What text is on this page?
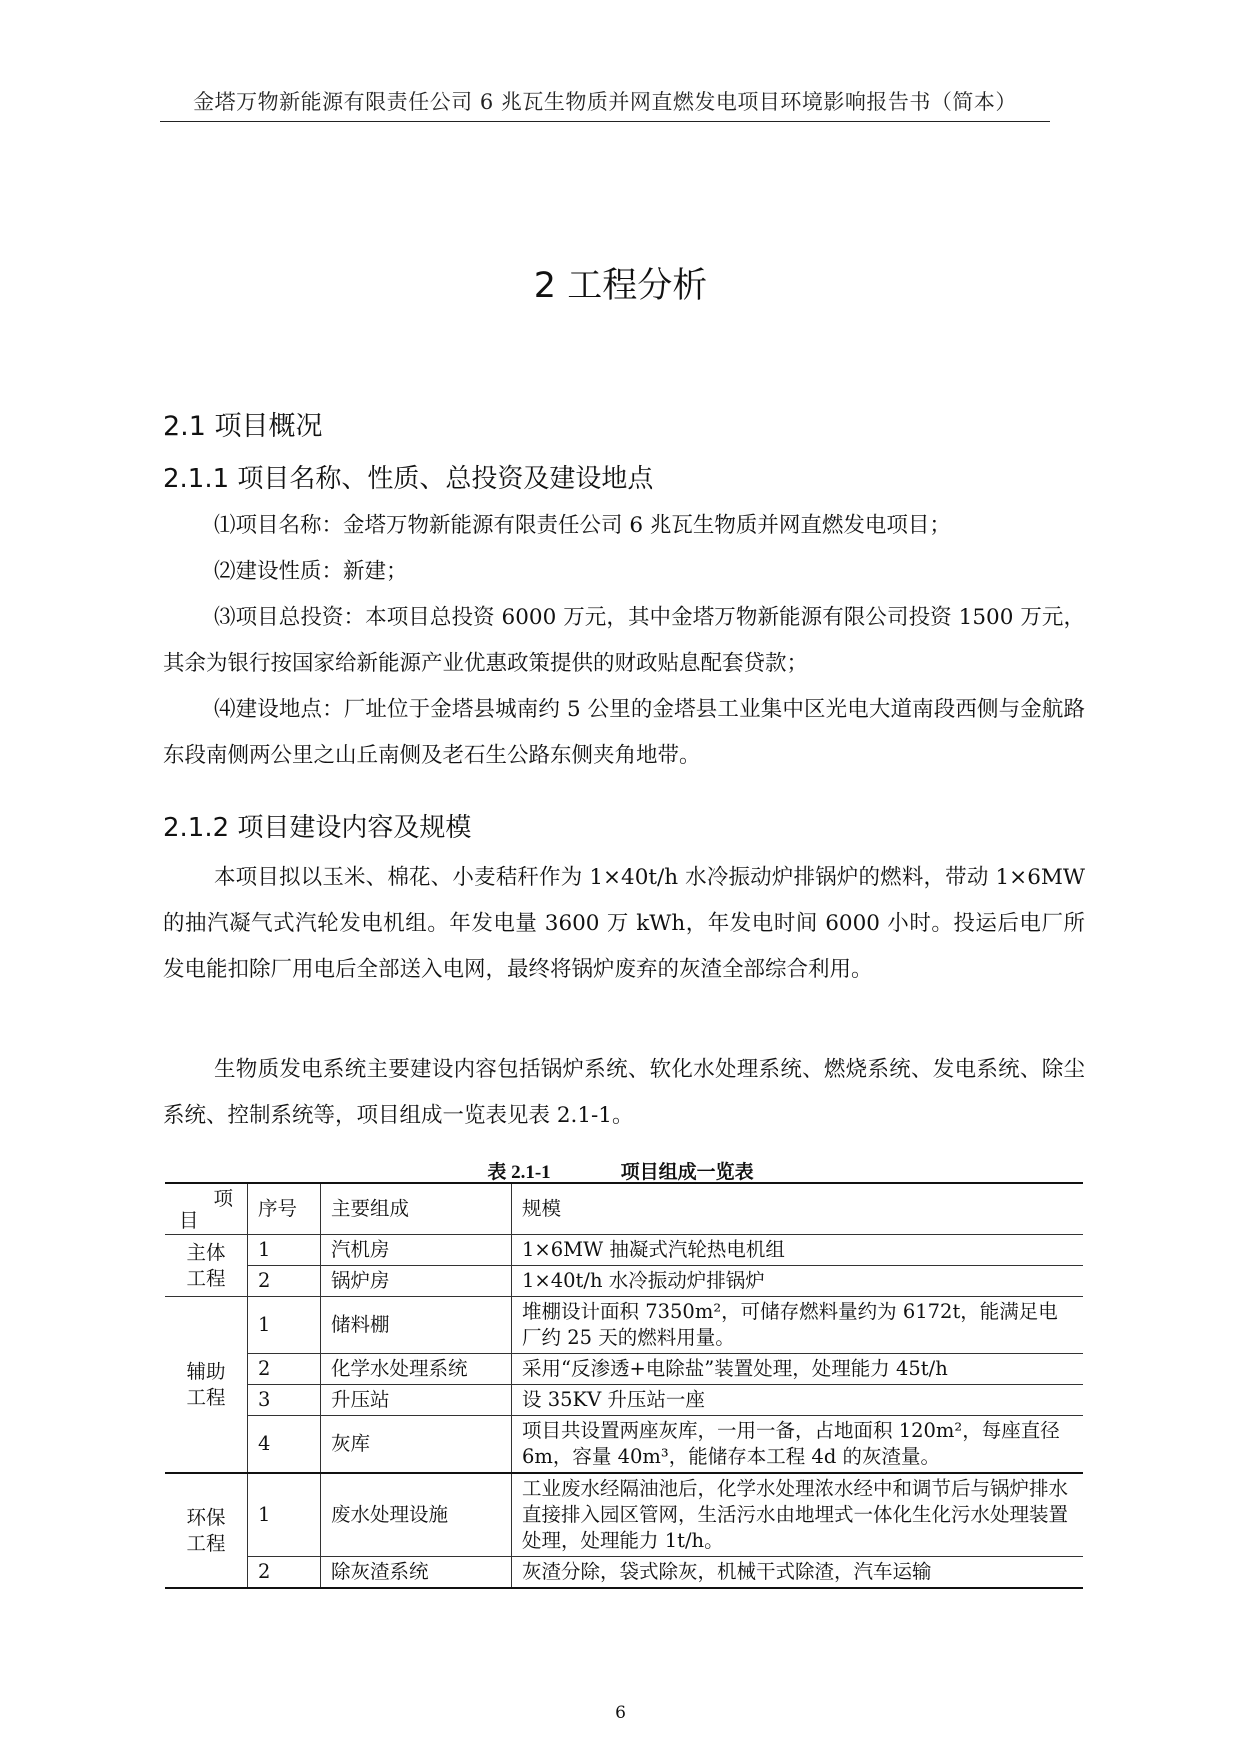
金塔万物新能源有限责任公司 6 兆瓦生物质并网直燃发电项目环境影响报告书（简本）
2 工程分析
2.1 项目概况
2.1.1 项目名称、性质、总投资及建设地点
⑴项目名称：金塔万物新能源有限责任公司 6 兆瓦生物质并网直燃发电项目；
⑵建设性质：新建；
⑶项目总投资：本项目总投资 6000 万元，其中金塔万物新能源有限公司投资 1500 万元，其余为银行按国家给新能源产业优惠政策提供的财政贴息配套贷款；
⑷建设地点：厂址位于金塔县城南约 5 公里的金塔县工业集中区光电大道南段西侧与金航路东段南侧两公里之山丘南侧及老石生公路东侧夹角地带。
2.1.2 项目建设内容及规模
本项目拟以玉米、棉花、小麦秸秆作为 1×40t/h 水冷振动炉排锅炉的燃料，带动 1×6MW 的抽汽凝气式汽轮发电机组。年发电量 3600 万 kWh，年发电时间 6000 小时。投运后电厂所发电能扣除厂用电后全部送入电网，最终将锅炉废弃的灰渣全部综合利用。
生物质发电系统主要建设内容包括锅炉系统、软化水处理系统、燃烧系统、发电系统、除尘系统、控制系统等，项目组成一览表见表 2.1-1。
表 2.1-1	项目组成一览表
项
目	序号	主要组成	规模
主体工程	1	汽机房	1×6MW 抽凝式汽轮热电机组
	2	锅炉房	1×40t/h 水冷振动炉排锅炉
辅助工程	1	储料棚	堆棚设计面积 7350m²，可储存燃料量约为 6172t，能满足电厂约 25 天的燃料用量。
	2	化学水处理系统	采用“反渗透+电除盐”装置处理，处理能力 45t/h
	3	升压站	设 35KV 升压站一座
	4	灰库	项目共设置两座灰库，一用一备，占地面积 120m²，每座直径 6m，容量 40m³，能储存本工程 4d 的灰渣量。
环保工程	1	废水处理设施	工业废水经隔油池后，化学水处理浓水经中和调节后与锅炉排水直接排入园区管网，生活污水由地埋式一体化生化污水处理装置处理，处理能力 1t/h。
	2	除灰渣系统	灰渣分除，袋式除灰，机械干式除渣，汽车运输
6
